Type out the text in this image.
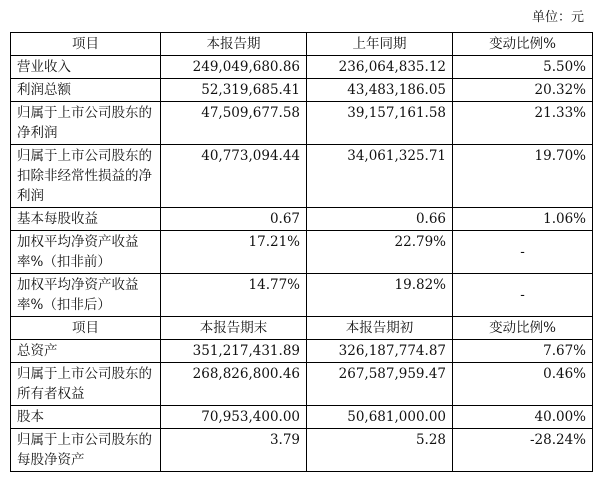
单位：元
项目	本报告期	上年同期	变动比例%
营业收入	249,049,680.86	236,064,835.12	5.50%
利润总额	52,319,685.41	43,483,186.05	20.32%
归属于上市公司股东的净利润	47,509,677.58	39,157,161.58	21.33%
归属于上市公司股东的扣除非经常性损益的净利润	40,773,094.44	34,061,325.71	19.70%
基本每股收益	0.67	0.66	1.06%
加权平均净资产收益率%（扣非前）	17.21%	22.79%	-
加权平均净资产收益率%（扣非后）	14.77%	19.82%	-
项目	本报告期末	本报告期初	变动比例%
总资产	351,217,431.89	326,187,774.87	7.67%
归属于上市公司股东的所有者权益	268,826,800.46	267,587,959.47	0.46%
股本	70,953,400.00	50,681,000.00	40.00%
归属于上市公司股东的每股净资产	3.79	5.28	-28.24%
